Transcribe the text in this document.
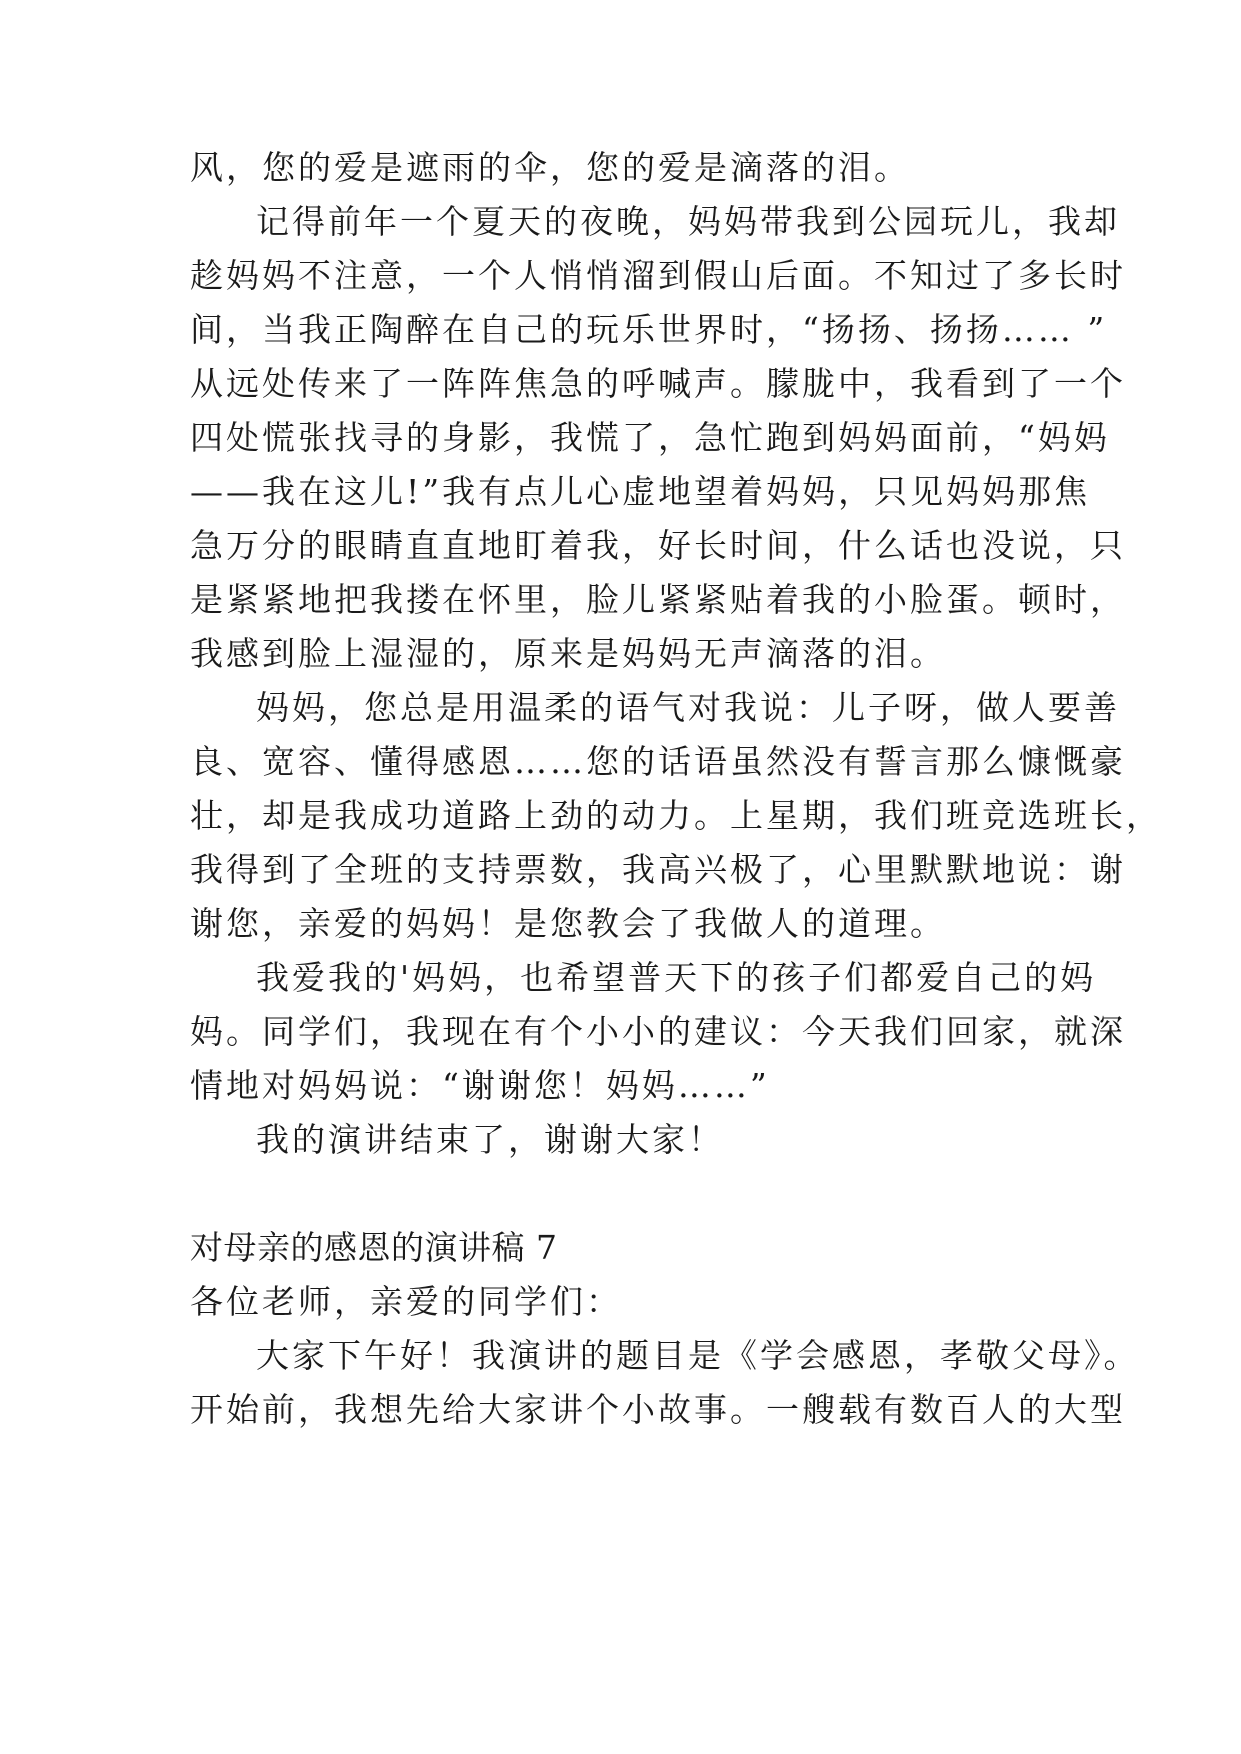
风，您的爱是遮雨的伞，您的爱是滴落的泪。
记得前年一个夏天的夜晚，妈妈带我到公园玩儿，我却
趁妈妈不注意，一个人悄悄溜到假山后面。不知过了多长时
间，当我正陶醉在自己的玩乐世界时，“扬扬、扬扬…… ”
从远处传来了一阵阵焦急的呼喊声。朦胧中，我看到了一个
四处慌张找寻的身影，我慌了，急忙跑到妈妈面前，“妈妈
——我在这儿!”我有点儿心虚地望着妈妈，只见妈妈那焦
急万分的眼睛直直地盯着我，好长时间，什么话也没说，只
是紧紧地把我搂在怀里，脸儿紧紧贴着我的小脸蛋。顿时，
我感到脸上湿湿的，原来是妈妈无声滴落的泪。
妈妈，您总是用温柔的语气对我说：儿子呀，做人要善
良、宽容、懂得感恩……您的话语虽然没有誓言那么慷慨豪
壮，却是我成功道路上劲的动力。上星期，我们班竞选班长，
我得到了全班的支持票数，我高兴极了，心里默默地说：谢
谢您，亲爱的妈妈！是您教会了我做人的道理。
我爱我的'妈妈，也希望普天下的孩子们都爱自己的妈
妈。同学们，我现在有个小小的建议：今天我们回家，就深
情地对妈妈说：“谢谢您！妈妈……”
我的演讲结束了，谢谢大家！
对母亲的感恩的演讲稿 7
各位老师，亲爱的同学们：
大家下午好！我演讲的题目是《学会感恩，孝敬父母》。
开始前，我想先给大家讲个小故事。一艘载有数百人的大型
